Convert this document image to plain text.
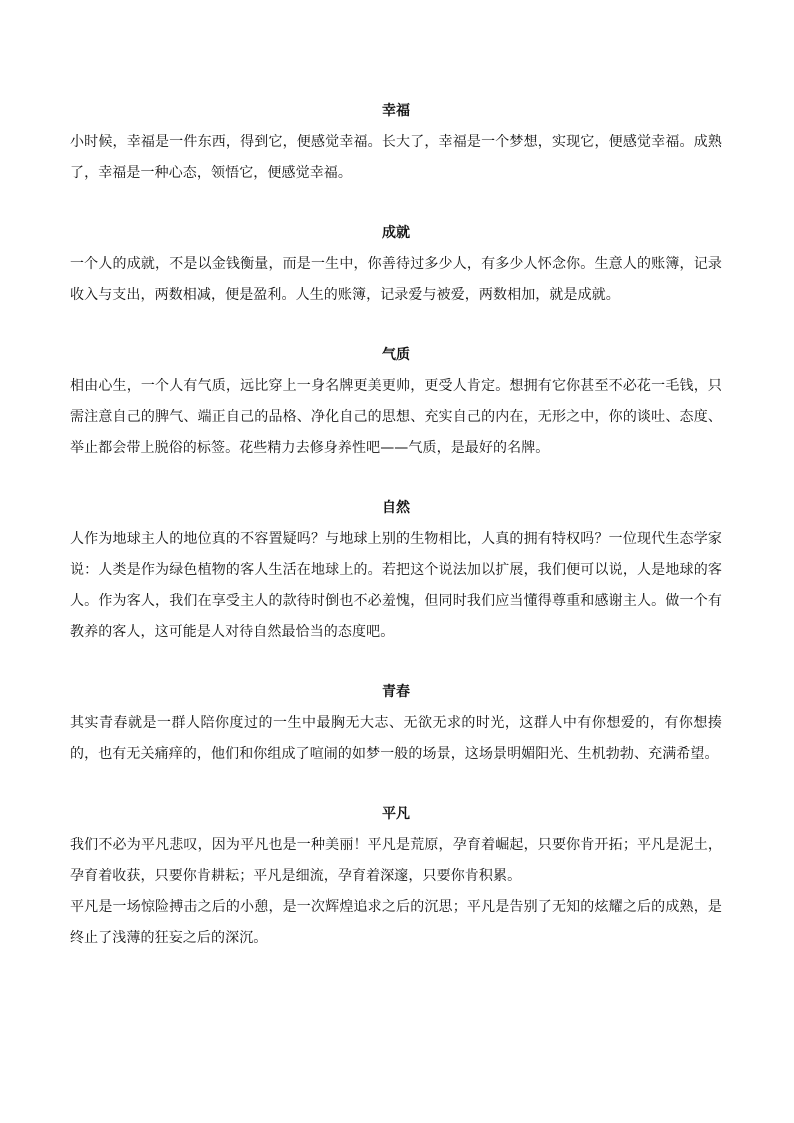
幸福

小时候，幸福是一件东西，得到它，便感觉幸福。长大了，幸福是一个梦想，实现它，便感觉幸福。成熟了，幸福是一种心态，领悟它，便感觉幸福。

成就

一个人的成就，不是以金钱衡量，而是一生中，你善待过多少人，有多少人怀念你。生意人的账簿，记录收入与支出，两数相减，便是盈利。人生的账簿，记录爱与被爱，两数相加，就是成就。

气质

相由心生，一个人有气质，远比穿上一身名牌更美更帅，更受人肯定。想拥有它你甚至不必花一毛钱，只需注意自己的脾气、端正自己的品格、净化自己的思想、充实自己的内在，无形之中，你的谈吐、态度、举止都会带上脱俗的标签。花些精力去修身养性吧——气质，是最好的名牌。

自然

人作为地球主人的地位真的不容置疑吗？与地球上别的生物相比，人真的拥有特权吗？一位现代生态学家说：人类是作为绿色植物的客人生活在地球上的。若把这个说法加以扩展，我们便可以说，人是地球的客人。作为客人，我们在享受主人的款待时倒也不必羞愧，但同时我们应当懂得尊重和感谢主人。做一个有教养的客人，这可能是人对待自然最恰当的态度吧。

青春

其实青春就是一群人陪你度过的一生中最胸无大志、无欲无求的时光，这群人中有你想爱的，有你想揍的，也有无关痛痒的，他们和你组成了喧闹的如梦一般的场景，这场景明媚阳光、生机勃勃、充满希望。

平凡

我们不必为平凡悲叹，因为平凡也是一种美丽！平凡是荒原，孕育着崛起，只要你肯开拓；平凡是泥土，孕育着收获，只要你肯耕耘；平凡是细流，孕育着深邃，只要你肯积累。

平凡是一场惊险搏击之后的小憩，是一次辉煌追求之后的沉思；平凡是告别了无知的炫耀之后的成熟，是终止了浅薄的狂妄之后的深沉。
